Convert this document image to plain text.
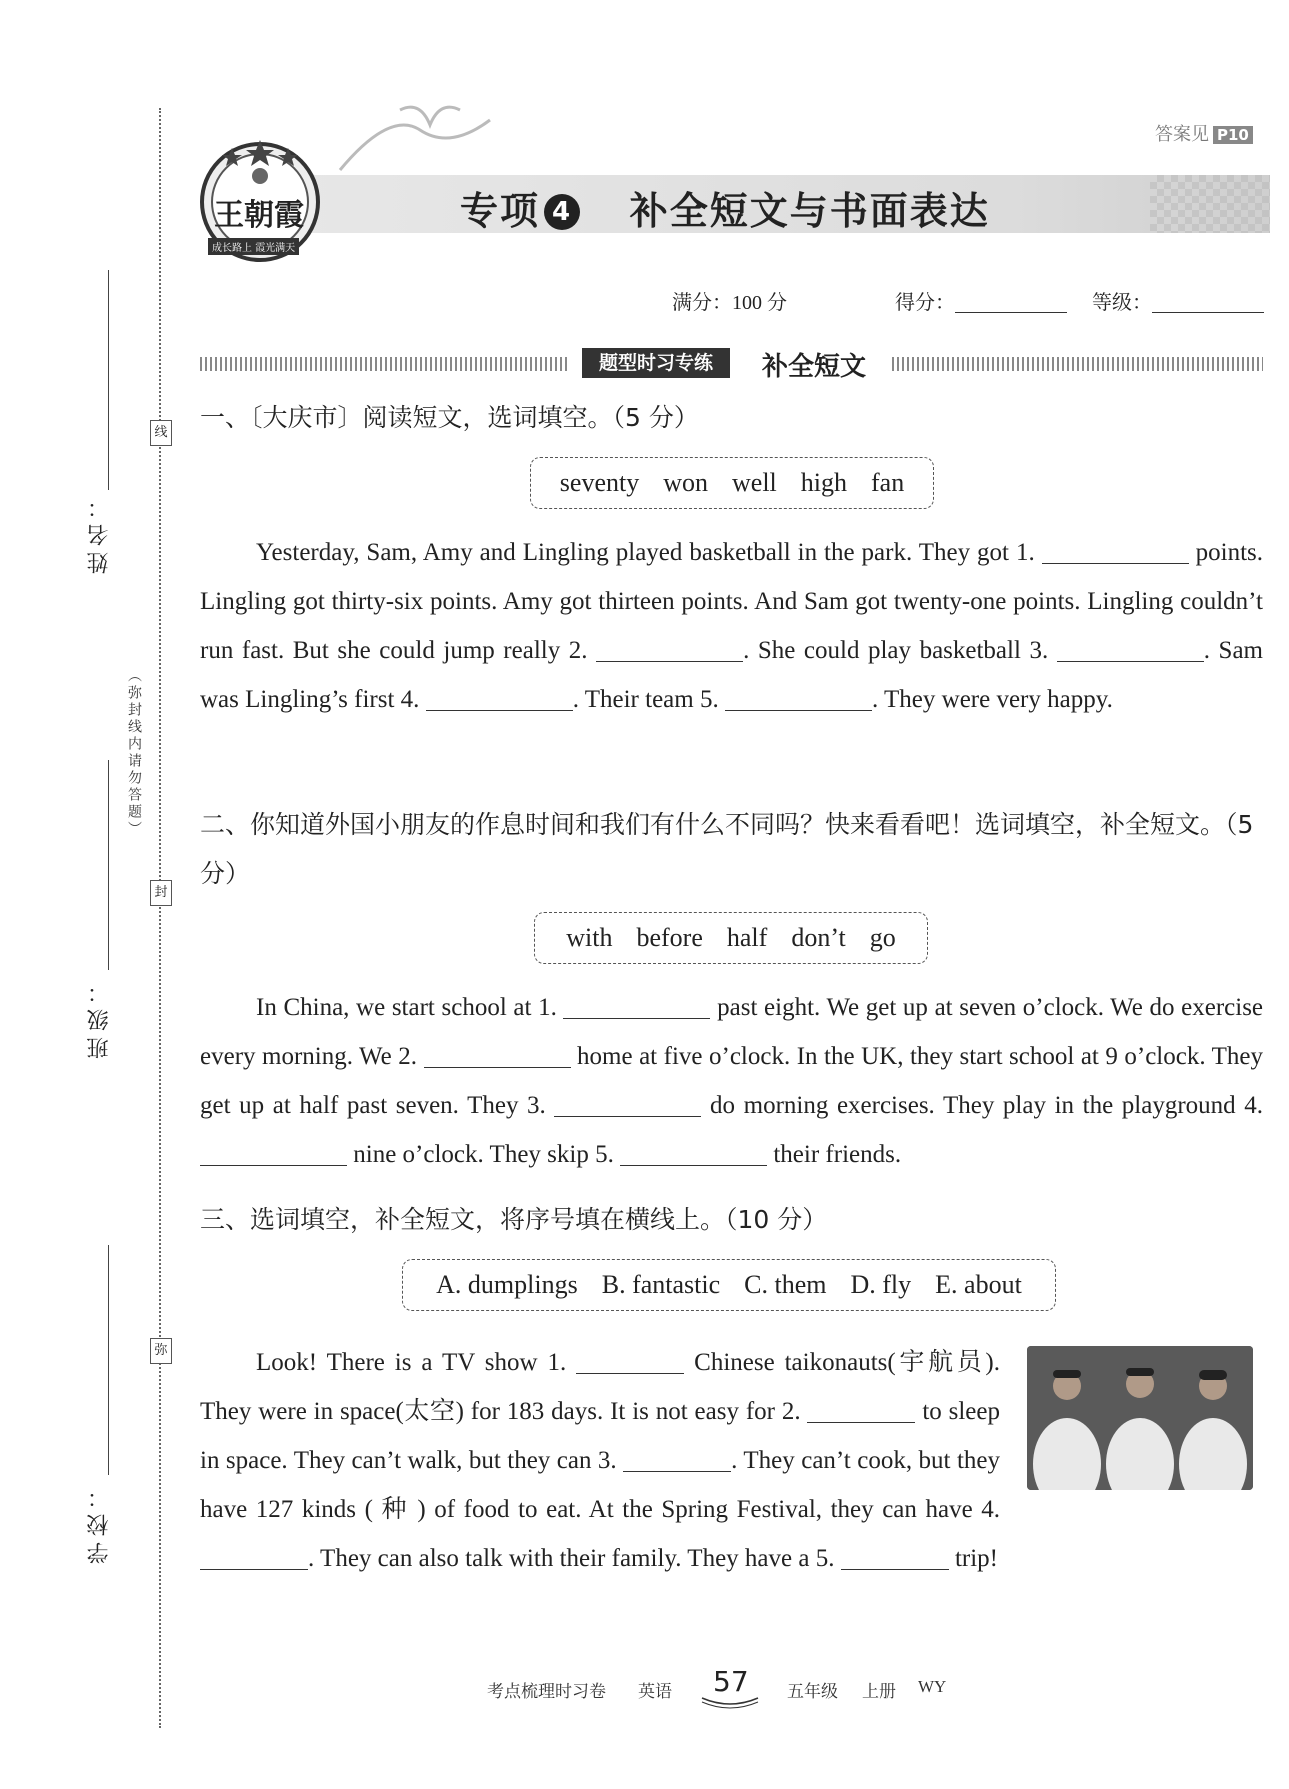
姓名：
班级：
学校：
线
封
弥
（弥封线内请勿答题）
王朝霞
成长路上 霞光满天
答案见 P10
专项 4 补全短文与书面表达
满分：100 分	得分：	等级：
题型时习专练	补全短文
一、〔大庆市〕阅读短文，选词填空。（5 分）
seventy won well high fan

Yesterday, Sam, Amy and Lingling played basketball in the park. They got 1.	points. Lingling got thirty-six points. Amy got thirteen points. And Sam got twenty-one points. Lingling couldn’t run fast. But she could jump really 2.	. She could play basketball 3.	. Sam was Lingling’s first 4.	. Their team 5.	. They were very happy.

二、你知道外国小朋友的作息时间和我们有什么不同吗？快来看看吧！选词填空，补全短文。（5 分）
with before half don’t go

In China, we start school at 1.	past eight. We get up at seven o’clock. We do exercise every morning. We 2.	home at five o’clock. In the UK, they start school at 9 o’clock. They get up at half past seven. They 3.	do morning exercises. They play in the playground 4.  nine o’clock. They skip 5.	their friends.

三、选词填空，补全短文，将序号填在横线上。（10 分）
A. dumplings B. fantastic C. them D. fly E. about

Look! There is a TV show 1.	Chinese taikonauts(宇航员). They were in space(太空) for 183 days. It is not easy for 2.	to sleep in space. They can’t walk, but they can 3.	. They can’t cook, but they have 127 kinds ( 种 ) of food to eat. At the Spring Festival, they can have 4. . They can also talk with their family. They have a 5.	trip!

考点梳理时习卷 英语 57 五年级 上册 WY
